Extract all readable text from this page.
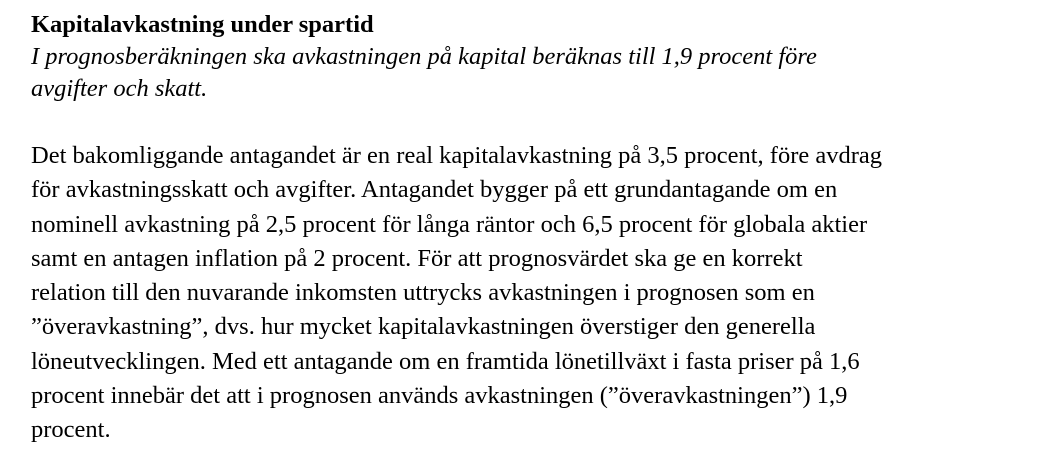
Kapitalavkastning under spartid

I prognosberäkningen ska avkastningen på kapital beräknas till 1,9 procent före
avgifter och skatt.

Det bakomliggande antagandet är en real kapitalavkastning på 3,5 procent, före avdrag
för avkastningsskatt och avgifter. Antagandet bygger på ett grundantagande om en
nominell avkastning på 2,5 procent för långa räntor och 6,5 procent för globala aktier
samt en antagen inflation på 2 procent. För att prognosvärdet ska ge en korrekt
relation till den nuvarande inkomsten uttrycks avkastningen i prognosen som en
”överavkastning”, dvs. hur mycket kapitalavkastningen överstiger den generella
löneutvecklingen. Med ett antagande om en framtida lönetillväxt i fasta priser på 1,6
procent innebär det att i prognosen används avkastningen (”överavkastningen”) 1,9
procent.
